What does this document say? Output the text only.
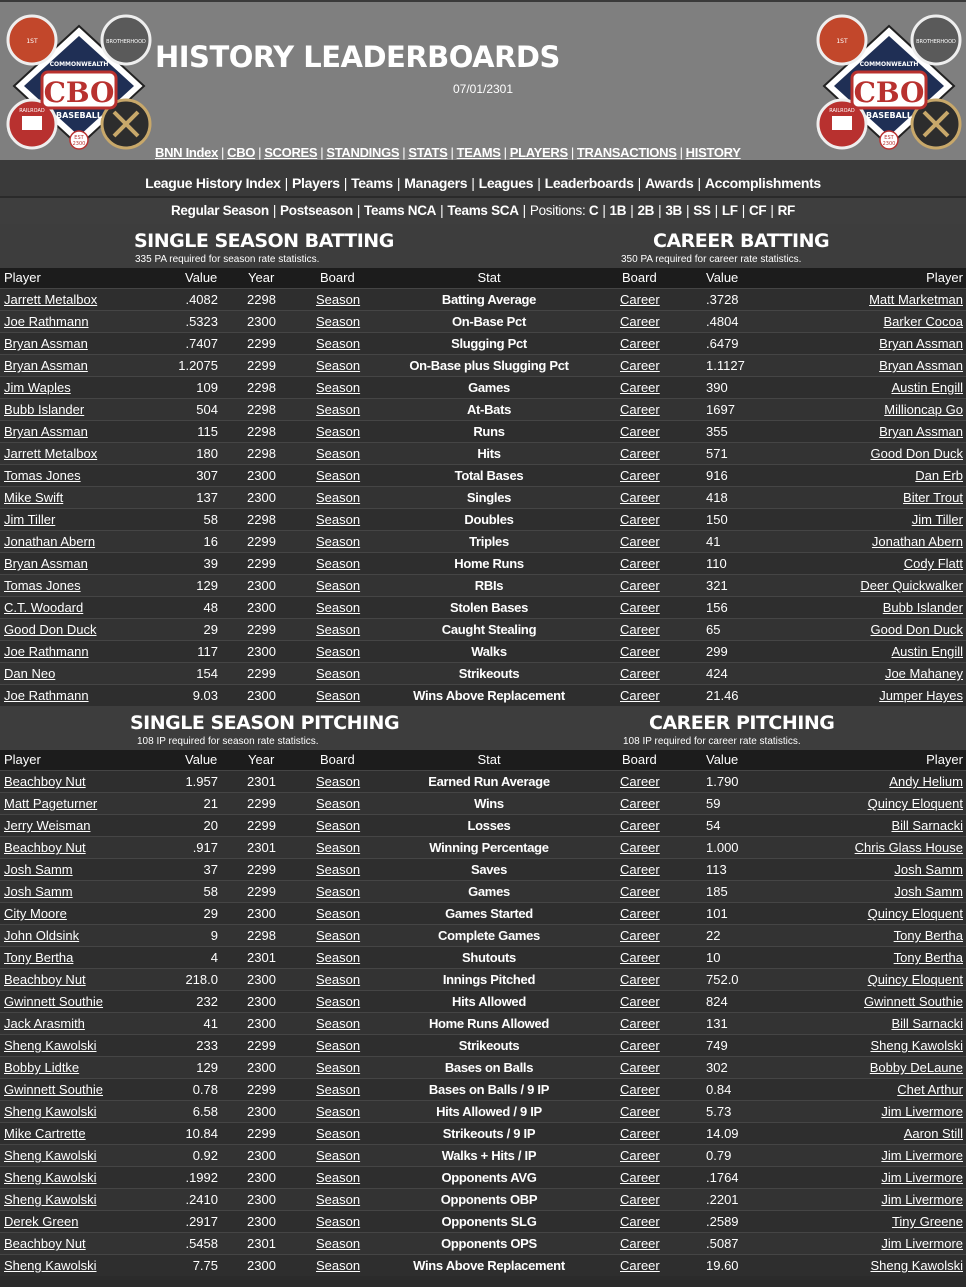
CBO
BASEBALL
COMMONWEALTH
BROTHERHOOD
RAILROAD
1ST
EST
2300
HISTORY LEADERBOARDS
07/01/2301	CBO
BASEBALL
COMMONWEALTH
BROTHERHOOD
RAILROAD
1ST
EST
2300
BNN Index | CBO | SCORES | STANDINGS | STATS | TEAMS | PLAYERS | TRANSACTIONS | HISTORY
League History Index | Players | Teams | Managers | Leagues | Leaderboards | Awards | Accomplishments
Regular Season | Postseason | Teams NCA | Teams SCA | Positions: C | 1B | 2B | 3B | SS | LF | CF | RF
SINGLE SEASON BATTING
335 PA required for season rate statistics.
CAREER BATTING
350 PA required for career rate statistics.
Player	Value Year	Board	Stat	Board	Value	Player
Jarrett Metalbox	.4082 2298	Season	Batting Average	Career	.3728	Matt Marketman
Joe Rathmann	.5323 2300	Season	On-Base Pct	Career	.4804	Barker Cocoa
Bryan Assman	.7407 2299	Season	Slugging Pct	Career	.6479	Bryan Assman
Bryan Assman	1.2075 2299	Season	On-Base plus Slugging Pct	Career	1.1127	Bryan Assman
Jim Waples	109 2298	Season	Games	Career	390	Austin Engill
Bubb Islander	504 2298	Season	At-Bats	Career	1697	Millioncap Go
Bryan Assman	115 2298	Season	Runs	Career	355	Bryan Assman
Jarrett Metalbox	180 2298	Season	Hits	Career	571	Good Don Duck
Tomas Jones	307 2300	Season	Total Bases	Career	916	Dan Erb
Mike Swift	137 2300	Season	Singles	Career	418	Biter Trout
Jim Tiller	58 2298	Season	Doubles	Career	150	Jim Tiller
Jonathan Abern	16 2299	Season	Triples	Career	41	Jonathan Abern
Bryan Assman	39 2299	Season	Home Runs	Career	110	Cody Flatt
Tomas Jones	129 2300	Season	RBIs	Career	321	Deer Quickwalker
C.T. Woodard	48 2300	Season	Stolen Bases	Career	156	Bubb Islander
Good Don Duck	29 2299	Season	Caught Stealing	Career	65	Good Don Duck
Joe Rathmann	117 2300	Season	Walks	Career	299	Austin Engill
Dan Neo	154 2299	Season	Strikeouts	Career	424	Joe Mahaney
Joe Rathmann	9.03 2300	Season	Wins Above Replacement	Career	21.46	Jumper Hayes
SINGLE SEASON PITCHING
108 IP required for season rate statistics.
CAREER PITCHING
108 IP required for career rate statistics.
Player	Value Year	Board	Stat	Board	Value	Player
Beachboy Nut	1.957 2301	Season	Earned Run Average	Career	1.790	Andy Helium
Matt Pageturner	21 2299	Season	Wins	Career	59	Quincy Eloquent
Jerry Weisman	20 2299	Season	Losses	Career	54	Bill Sarnacki
Beachboy Nut	.917 2301	Season	Winning Percentage	Career	1.000	Chris Glass House
Josh Samm	37 2299	Season	Saves	Career	113	Josh Samm
Josh Samm	58 2299	Season	Games	Career	185	Josh Samm
City Moore	29 2300	Season	Games Started	Career	101	Quincy Eloquent
John Oldsink	9 2298	Season	Complete Games	Career	22	Tony Bertha
Tony Bertha	4 2301	Season	Shutouts	Career	10	Tony Bertha
Beachboy Nut	218.0 2300	Season	Innings Pitched	Career	752.0	Quincy Eloquent
Gwinnett Southie	232 2300	Season	Hits Allowed	Career	824	Gwinnett Southie
Jack Arasmith	41 2300	Season	Home Runs Allowed	Career	131	Bill Sarnacki
Sheng Kawolski	233 2299	Season	Strikeouts	Career	749	Sheng Kawolski
Bobby Lidtke	129 2300	Season	Bases on Balls	Career	302	Bobby DeLaune
Gwinnett Southie	0.78 2299	Season	Bases on Balls / 9 IP	Career	0.84	Chet Arthur
Sheng Kawolski	6.58 2300	Season	Hits Allowed / 9 IP	Career	5.73	Jim Livermore
Mike Cartrette	10.84 2299	Season	Strikeouts / 9 IP	Career	14.09	Aaron Still
Sheng Kawolski	0.92 2300	Season	Walks + Hits / IP	Career	0.79	Jim Livermore
Sheng Kawolski	.1992 2300	Season	Opponents AVG	Career	.1764	Jim Livermore
Sheng Kawolski	.2410 2300	Season	Opponents OBP	Career	.2201	Jim Livermore
Derek Green	.2917 2300	Season	Opponents SLG	Career	.2589	Tiny Greene
Beachboy Nut	.5458 2301	Season	Opponents OPS	Career	.5087	Jim Livermore
Sheng Kawolski	7.75 2300	Season	Wins Above Replacement	Career	19.60	Sheng Kawolski
